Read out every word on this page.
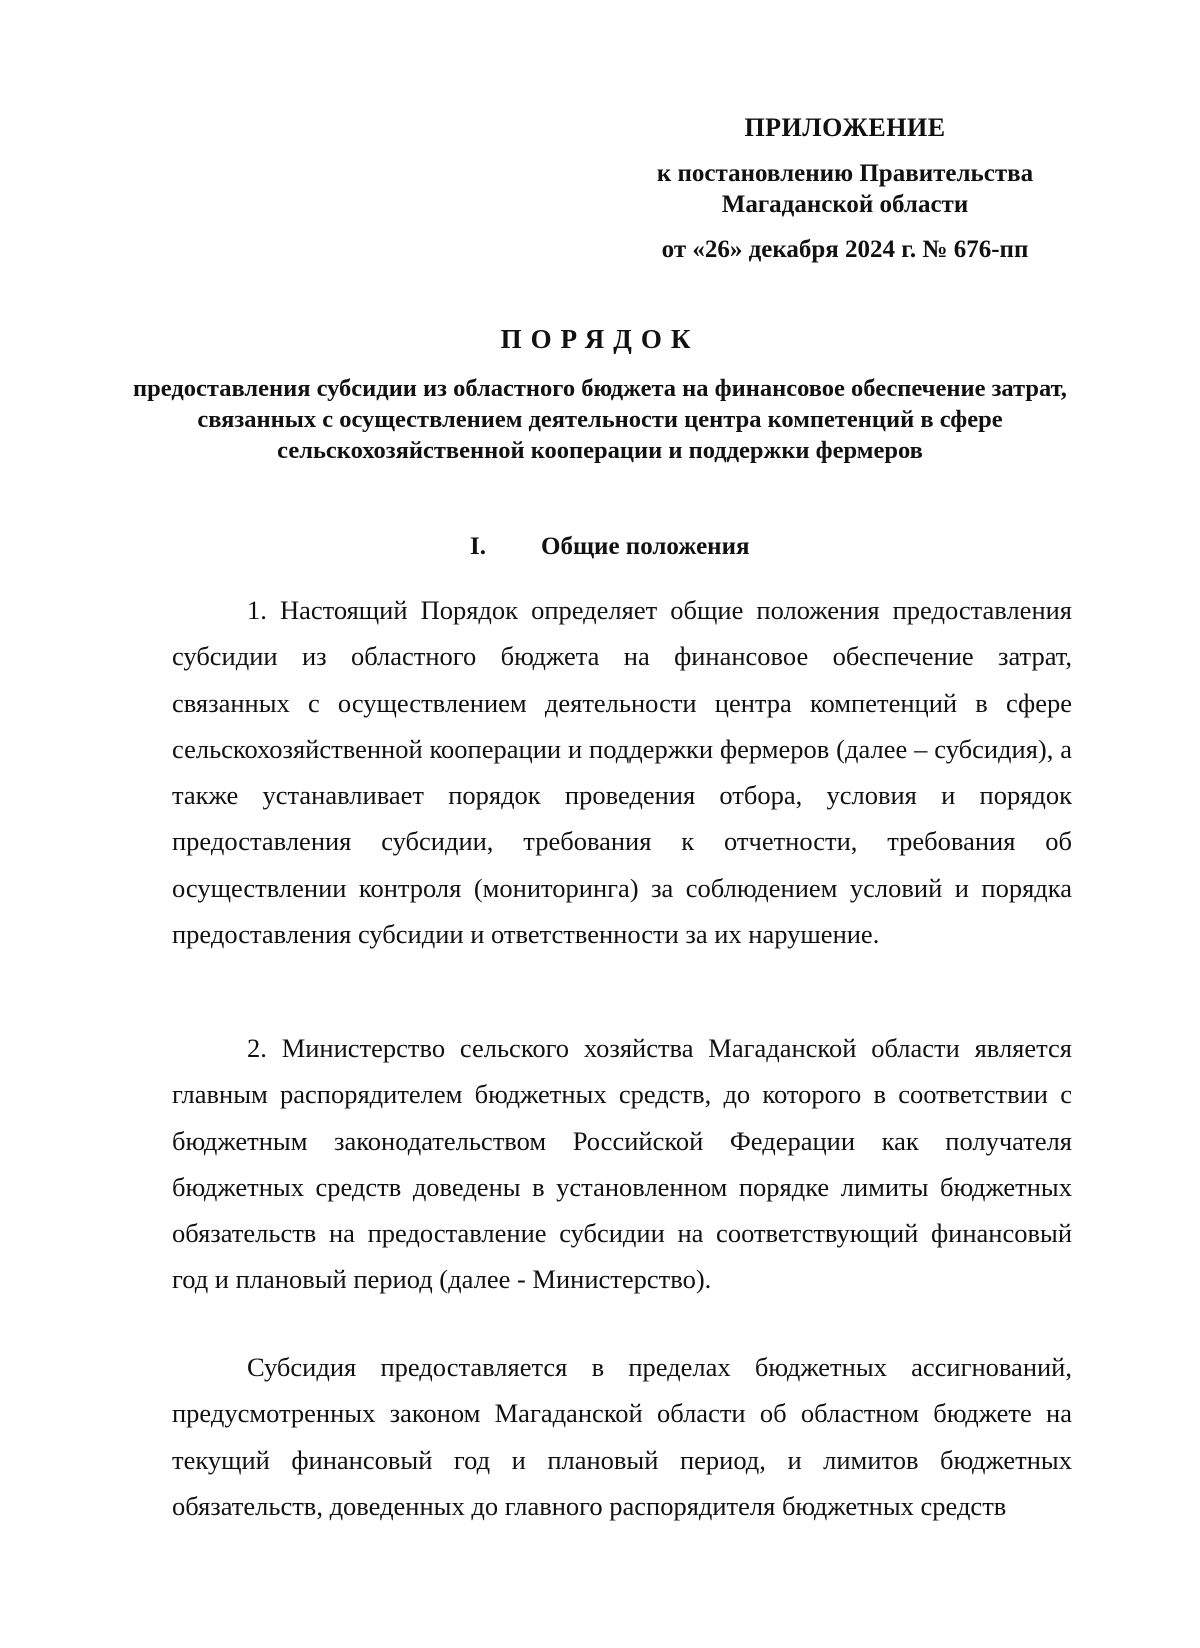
ПРИЛОЖЕНИЕ
к постановлению Правительства
Магаданской области
от «26» декабря 2024 г. № 676-пп
ПОРЯДОК
предоставления субсидии из областного бюджета на финансовое обеспечение затрат, связанных с осуществлением деятельности центра компетенций в сфере сельскохозяйственной кооперации и поддержки фермеров
I. Общие положения
1. Настоящий Порядок определяет общие положения предоставления субсидии из областного бюджета на финансовое обеспечение затрат, связанных с осуществлением деятельности центра компетенций в сфере сельскохозяйственной кооперации и поддержки фермеров (далее – субсидия), а также устанавливает порядок проведения отбора, условия и порядок предоставления субсидии, требования к отчетности, требования об осуществлении контроля (мониторинга) за соблюдением условий и порядка предоставления субсидии и ответственности за их нарушение.
2. Министерство сельского хозяйства Магаданской области является главным распорядителем бюджетных средств, до которого в соответствии с бюджетным законодательством Российской Федерации как получателя бюджетных средств доведены в установленном порядке лимиты бюджетных обязательств на предоставление субсидии на соответствующий финансовый год и плановый период (далее - Министерство).
Субсидия предоставляется в пределах бюджетных ассигнований, предусмотренных законом Магаданской области об областном бюджете на текущий финансовый год и плановый период, и лимитов бюджетных обязательств, доведенных до главного распорядителя бюджетных средств
